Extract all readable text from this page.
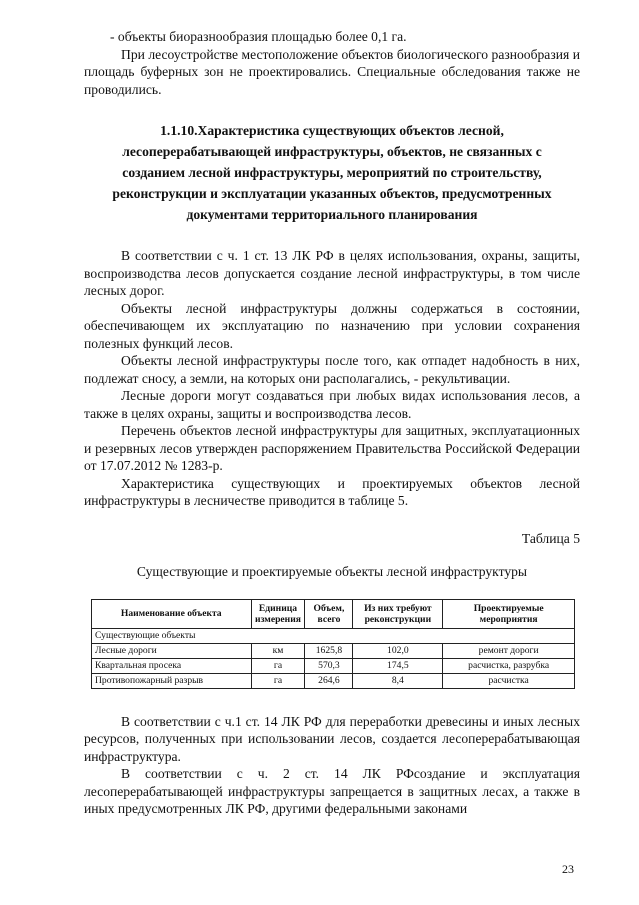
- объекты биоразнообразия площадью более 0,1 га.

При лесоустройстве местоположение объектов биологического разнообразия и площадь буферных зон не проектировались. Специальные обследования также не проводились.

1.1.10.Характеристика существующих объектов лесной,
лесоперерабатывающей инфраструктуры, объектов, не связанных с
созданием лесной инфраструктуры, мероприятий по строительству,
реконструкции и эксплуатации указанных объектов, предусмотренных
документами территориального планирования

В соответствии с ч. 1 ст. 13 ЛК РФ в целях использования, охраны, защиты, воспроизводства лесов допускается создание лесной инфраструктуры, в том числе лесных дорог.

Объекты лесной инфраструктуры должны содержаться в состоянии, обеспечивающем их эксплуатацию по назначению при условии сохранения полезных функций лесов.

Объекты лесной инфраструктуры после того, как отпадет надобность в них, подлежат сносу, а земли, на которых они располагались, - рекультивации.

Лесные дороги могут создаваться при любых видах использования лесов, а также в целях охраны, защиты и воспроизводства лесов.

Перечень объектов лесной инфраструктуры для защитных, эксплуатационных и резервных лесов утвержден распоряжением Правительства Российской Федерации от 17.07.2012 № 1283-р.

Характеристика существующих и проектируемых объектов лесной инфраструктуры в лесничестве приводится в таблице 5.

Таблица 5
Существующие и проектируемые объекты лесной инфраструктуры
Наименование объекта	Единица измерения	Объем, всего	Из них требуют реконструкции	Проектируемые мероприятия
Существующие объекты				
Лесные дороги	км	1625,8	102,0	ремонт дороги
Квартальная просека	га	570,3	174,5	расчистка, разрубка
Противопожарный разрыв	га	264,6	8,4	расчистка

В соответствии с ч.1 ст. 14 ЛК РФ для переработки древесины и иных лесных ресурсов, полученных при использовании лесов, создается лесоперерабатывающая инфраструктура.

В соответствии с ч. 2 ст. 14 ЛК РФсоздание и эксплуатация лесоперерабатывающей инфраструктуры запрещается в защитных лесах, а также в иных предусмотренных ЛК РФ, другими федеральными законами

23
